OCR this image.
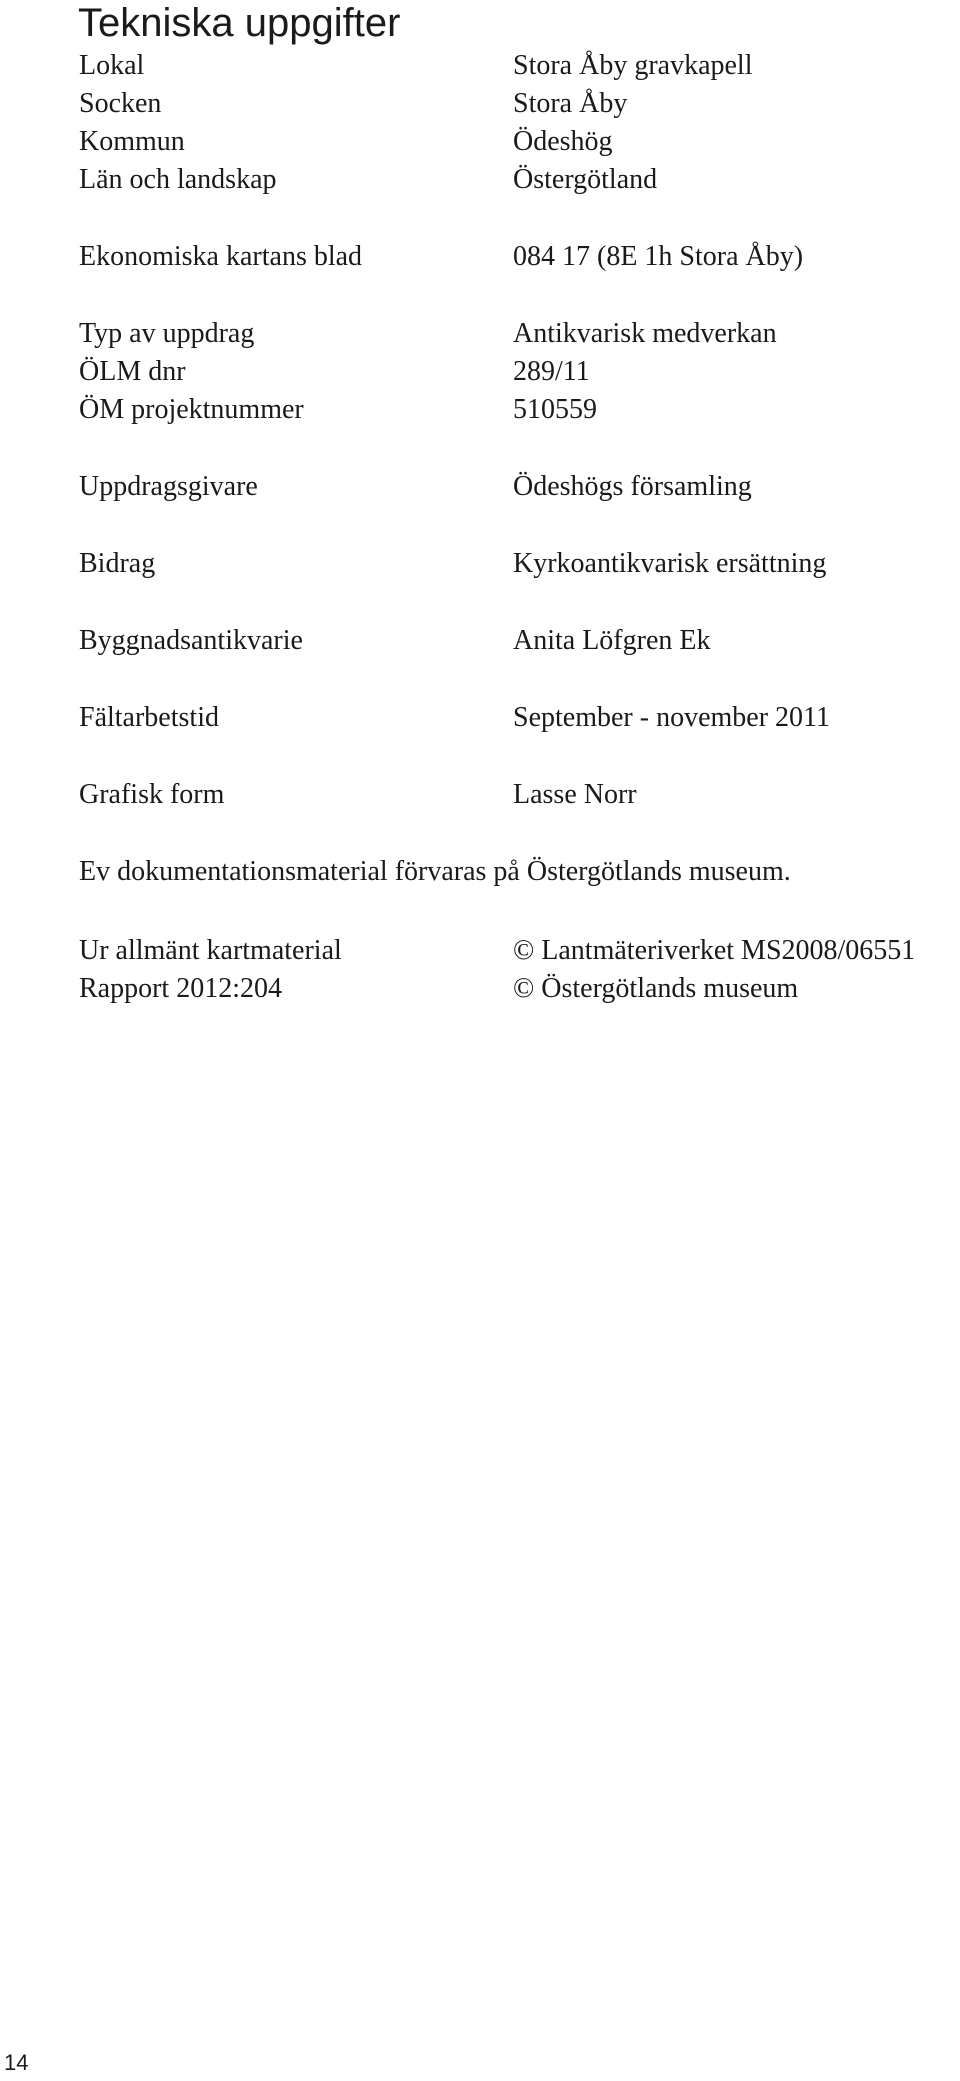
Tekniska uppgifter
Lokal	Stora Åby gravkapell
Socken	Stora Åby
Kommun	Ödeshög
Län och landskap	Östergötland
Ekonomiska kartans blad	084 17 (8E 1h Stora Åby)
Typ av uppdrag	Antikvarisk medverkan
ÖLM dnr	289/11
ÖM projektnummer	510559
Uppdragsgivare	Ödeshögs församling
Bidrag	Kyrkoantikvarisk ersättning
Byggnadsantikvarie	Anita Löfgren Ek
Fältarbetstid	September - november 2011
Grafisk form	Lasse Norr
Ev dokumentationsmaterial förvaras på Östergötlands museum.
Ur allmänt kartmaterial	© Lantmäteriverket MS2008/06551
Rapport 2012:204	© Östergötlands museum
14
